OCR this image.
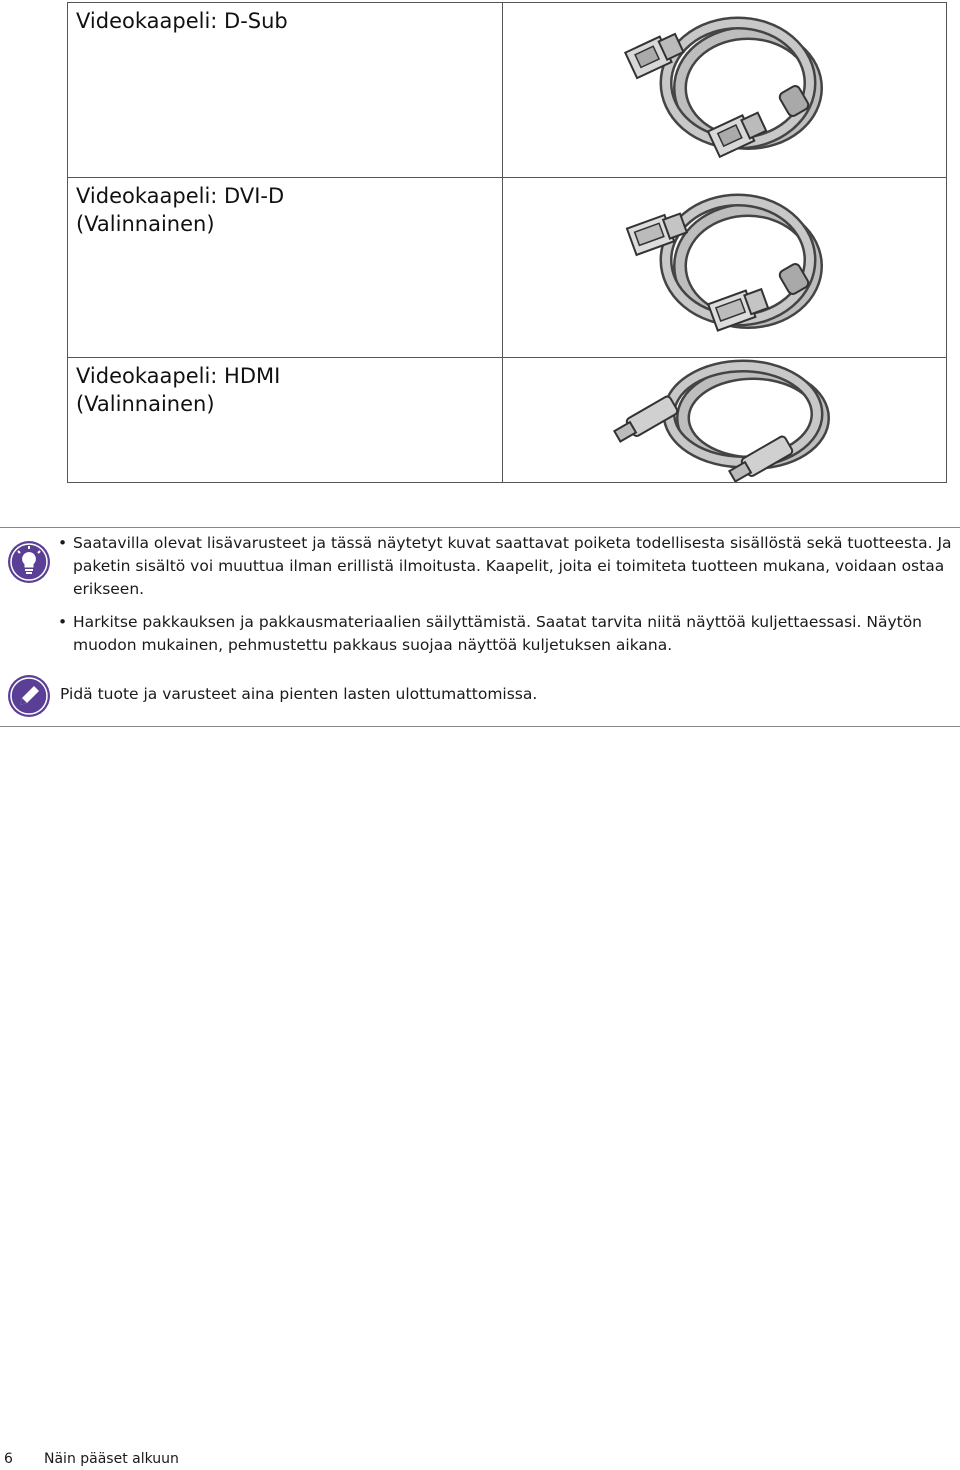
Videokaapeli: D-Sub
Videokaapeli: DVI-D
(Valinnainen)
Videokaapeli: HDMI
(Valinnainen)
• Saatavilla olevat lisävarusteet ja tässä näytetyt kuvat saattavat poiketa todellisesta sisällöstä sekä tuotteesta. Ja paketin sisältö voi muuttua ilman erillistä ilmoitusta. Kaapelit, joita ei toimiteta tuotteen mukana, voidaan ostaa erikseen.
• Harkitse pakkauksen ja pakkausmateriaalien säilyttämistä. Saatat tarvita niitä näyttöä kuljettaessasi. Näytön muodon mukainen, pehmustettu pakkaus suojaa näyttöä kuljetuksen aikana.
Pidä tuote ja varusteet aina pienten lasten ulottumattomissa.
6 Näin pääset alkuun
